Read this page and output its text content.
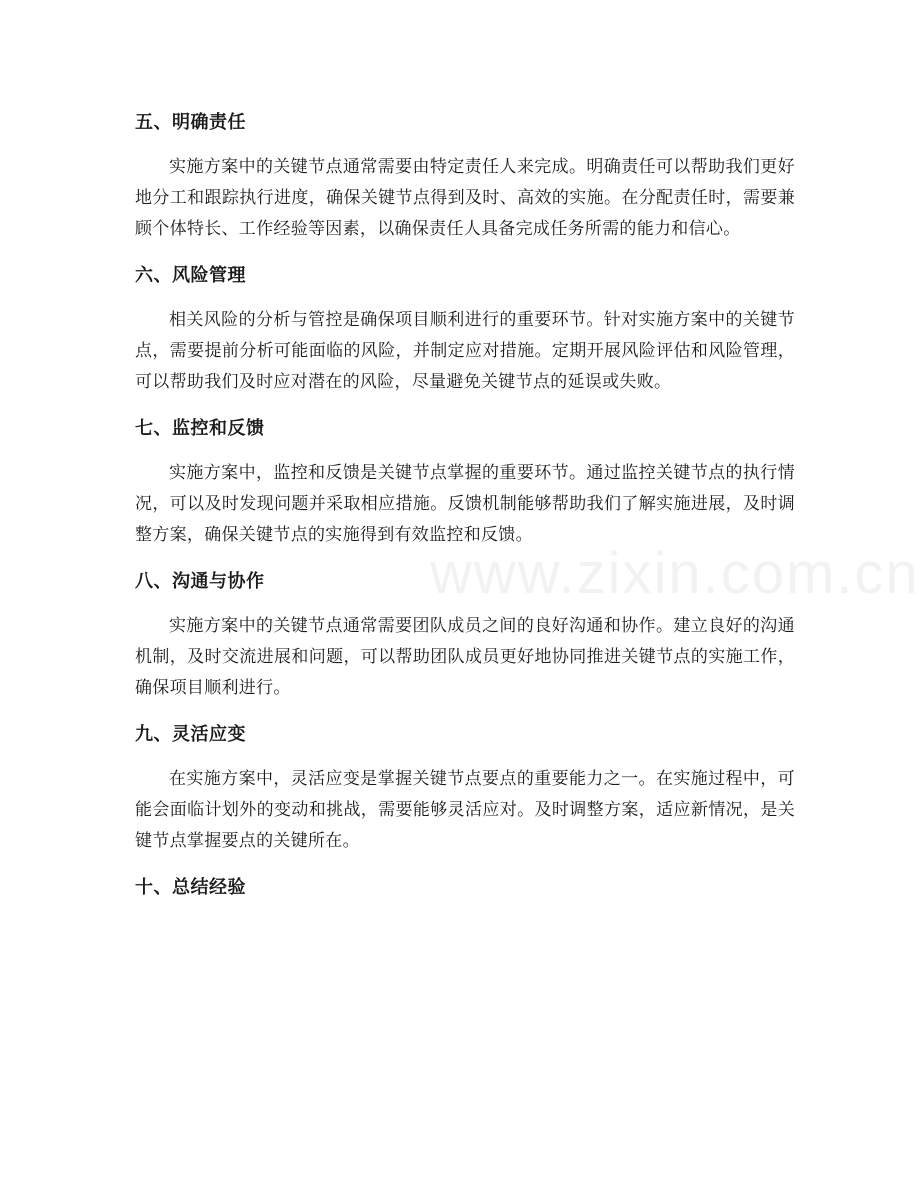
www.zixin.com.cn
五、明确责任

实施方案中的关键节点通常需要由特定责任人来完成。明确责任可以帮助我们更好地分工和跟踪执行进度，确保关键节点得到及时、高效的实施。在分配责任时，需要兼顾个体特长、工作经验等因素，以确保责任人具备完成任务所需的能力和信心。

六、风险管理

相关风险的分析与管控是确保项目顺利进行的重要环节。针对实施方案中的关键节点，需要提前分析可能面临的风险，并制定应对措施。定期开展风险评估和风险管理，可以帮助我们及时应对潜在的风险，尽量避免关键节点的延误或失败。

七、监控和反馈

实施方案中，监控和反馈是关键节点掌握的重要环节。通过监控关键节点的执行情况，可以及时发现问题并采取相应措施。反馈机制能够帮助我们了解实施进展，及时调整方案，确保关键节点的实施得到有效监控和反馈。

八、沟通与协作

实施方案中的关键节点通常需要团队成员之间的良好沟通和协作。建立良好的沟通机制，及时交流进展和问题，可以帮助团队成员更好地协同推进关键节点的实施工作，确保项目顺利进行。

九、灵活应变

在实施方案中，灵活应变是掌握关键节点要点的重要能力之一。在实施过程中，可能会面临计划外的变动和挑战，需要能够灵活应对。及时调整方案，适应新情况，是关键节点掌握要点的关键所在。

十、总结经验
